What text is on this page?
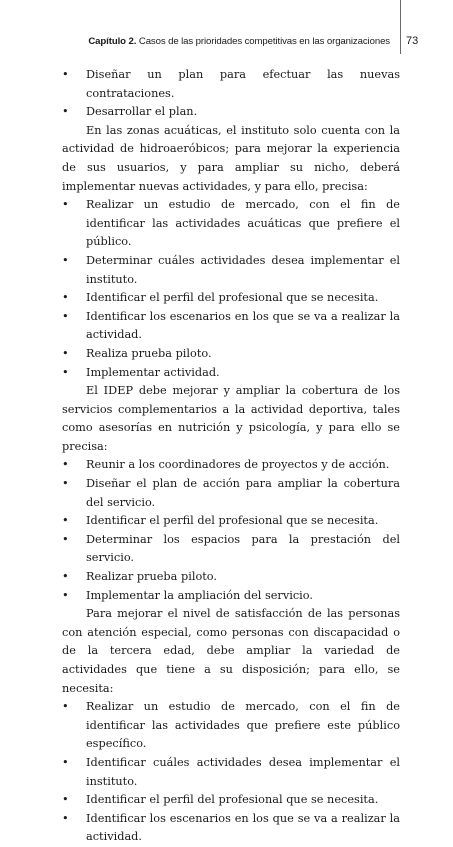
Capítulo 2. Casos de las prioridades competitivas en las organizaciones 73
• Diseñar un plan para efectuar las nuevas contrataciones.
• Desarrollar el plan.

En las zonas acuáticas, el instituto solo cuenta con la actividad de hidroaeróbicos; para mejorar la experiencia de sus usuarios, y para ampliar su nicho, deberá implementar nuevas actividades, y para ello, precisa:

• Realizar un estudio de mercado, con el fin de identificar las actividades acuáticas que prefiere el público.
• Determinar cuáles actividades desea implementar el instituto.
• Identificar el perfil del profesional que se necesita.
• Identificar los escenarios en los que se va a realizar la actividad.
• Realiza prueba piloto.
• Implementar actividad.

El IDEP debe mejorar y ampliar la cobertura de los servicios complementarios a la actividad deportiva, tales como asesorías en nutrición y psicología, y para ello se precisa:

• Reunir a los coordinadores de proyectos y de acción.
• Diseñar el plan de acción para ampliar la cobertura del servicio.
• Identificar el perfil del profesional que se necesita.
• Determinar los espacios para la prestación del servicio.
• Realizar prueba piloto.
• Implementar la ampliación del servicio.

Para mejorar el nivel de satisfacción de las personas con atención especial, como personas con discapacidad o de la tercera edad, debe ampliar la variedad de actividades que tiene a su disposición; para ello, se necesita:

• Realizar un estudio de mercado, con el fin de identificar las actividades que prefiere este público específico.
• Identificar cuáles actividades desea implementar el instituto.
• Identificar el perfil del profesional que se necesita.
• Identificar los escenarios en los que se va a realizar la actividad.
